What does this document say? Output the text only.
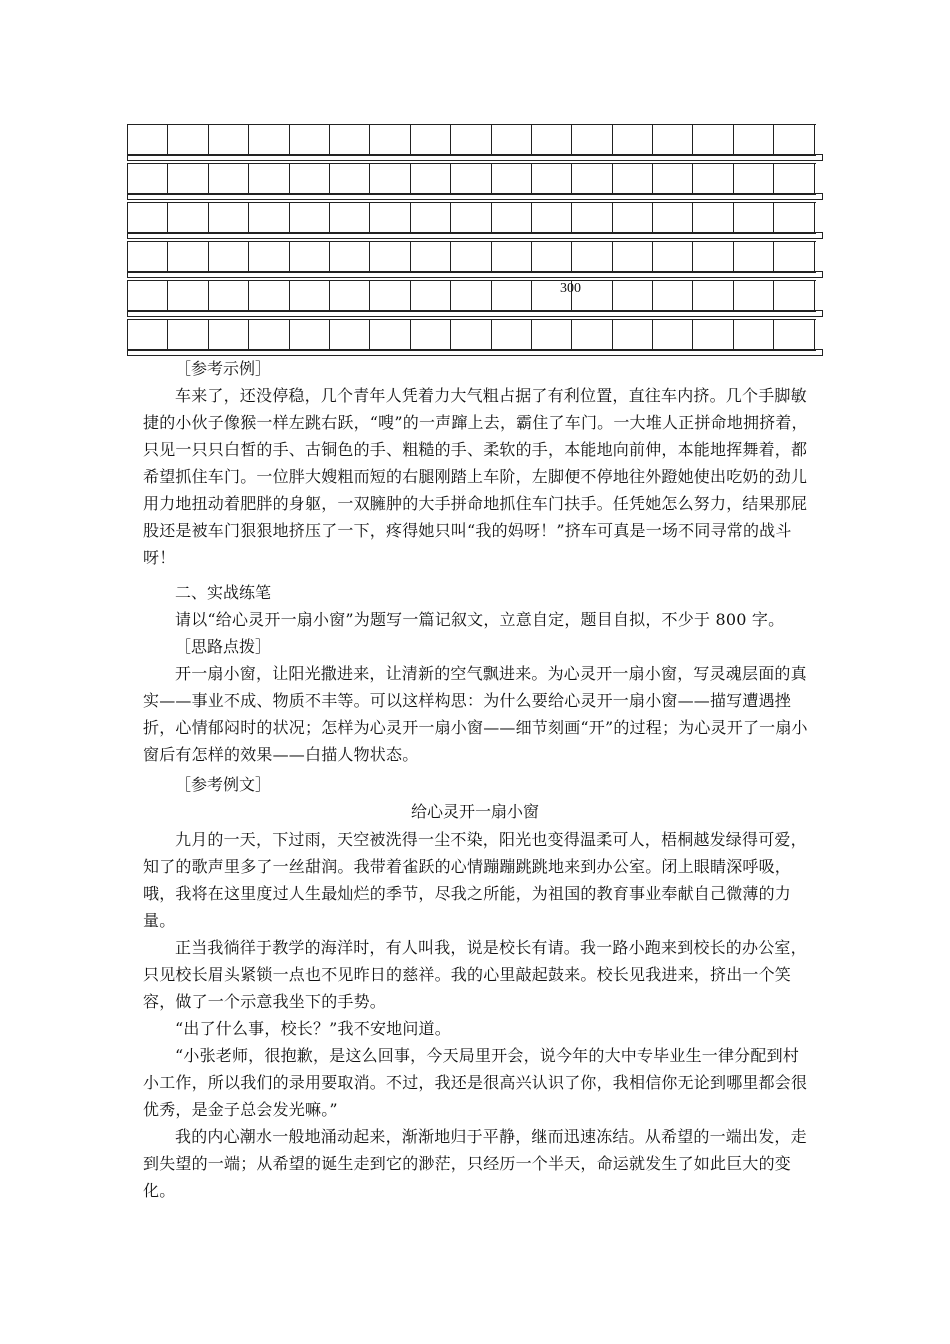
300
［参考示例］

车来了，还没停稳，几个青年人凭着力大气粗占据了有利位置，直往车内挤。几个手脚敏捷的小伙子像猴一样左跳右跃，“嗖”的一声蹿上去，霸住了车门。一大堆人正拼命地拥挤着，只见一只只白皙的手、古铜色的手、粗糙的手、柔软的手，本能地向前伸，本能地挥舞着，都希望抓住车门。一位胖大嫂粗而短的右腿刚踏上车阶，左脚便不停地往外蹬她使出吃奶的劲儿用力地扭动着肥胖的身躯，一双臃肿的大手拼命地抓住车门扶手。任凭她怎么努力，结果那屁股还是被车门狠狠地挤压了一下，疼得她只叫“我的妈呀！”挤车可真是一场不同寻常的战斗呀！

二、实战练笔

请以“给心灵开一扇小窗”为题写一篇记叙文，立意自定，题目自拟，不少于 800 字。

［思路点拨］

开一扇小窗，让阳光撒进来，让清新的空气飘进来。为心灵开一扇小窗，写灵魂层面的真实——事业不成、物质不丰等。可以这样构思：为什么要给心灵开一扇小窗——描写遭遇挫折，心情郁闷时的状况；怎样为心灵开一扇小窗——细节刻画“开”的过程；为心灵开了一扇小窗后有怎样的效果——白描人物状态。

［参考例文］
给心灵开一扇小窗

九月的一天，下过雨，天空被洗得一尘不染，阳光也变得温柔可人，梧桐越发绿得可爱，知了的歌声里多了一丝甜润。我带着雀跃的心情蹦蹦跳跳地来到办公室。闭上眼睛深呼吸，哦，我将在这里度过人生最灿烂的季节，尽我之所能，为祖国的教育事业奉献自己微薄的力量。

正当我徜徉于教学的海洋时，有人叫我，说是校长有请。我一路小跑来到校长的办公室，只见校长眉头紧锁一点也不见昨日的慈祥。我的心里敲起鼓来。校长见我进来，挤出一个笑容，做了一个示意我坐下的手势。

“出了什么事，校长？”我不安地问道。

“小张老师，很抱歉，是这么回事，今天局里开会，说今年的大中专毕业生一律分配到村小工作，所以我们的录用要取消。不过，我还是很高兴认识了你，我相信你无论到哪里都会很优秀，是金子总会发光嘛。”

我的内心潮水一般地涌动起来，渐渐地归于平静，继而迅速冻结。从希望的一端出发，走到失望的一端；从希望的诞生走到它的渺茫，只经历一个半天，命运就发生了如此巨大的变化。
